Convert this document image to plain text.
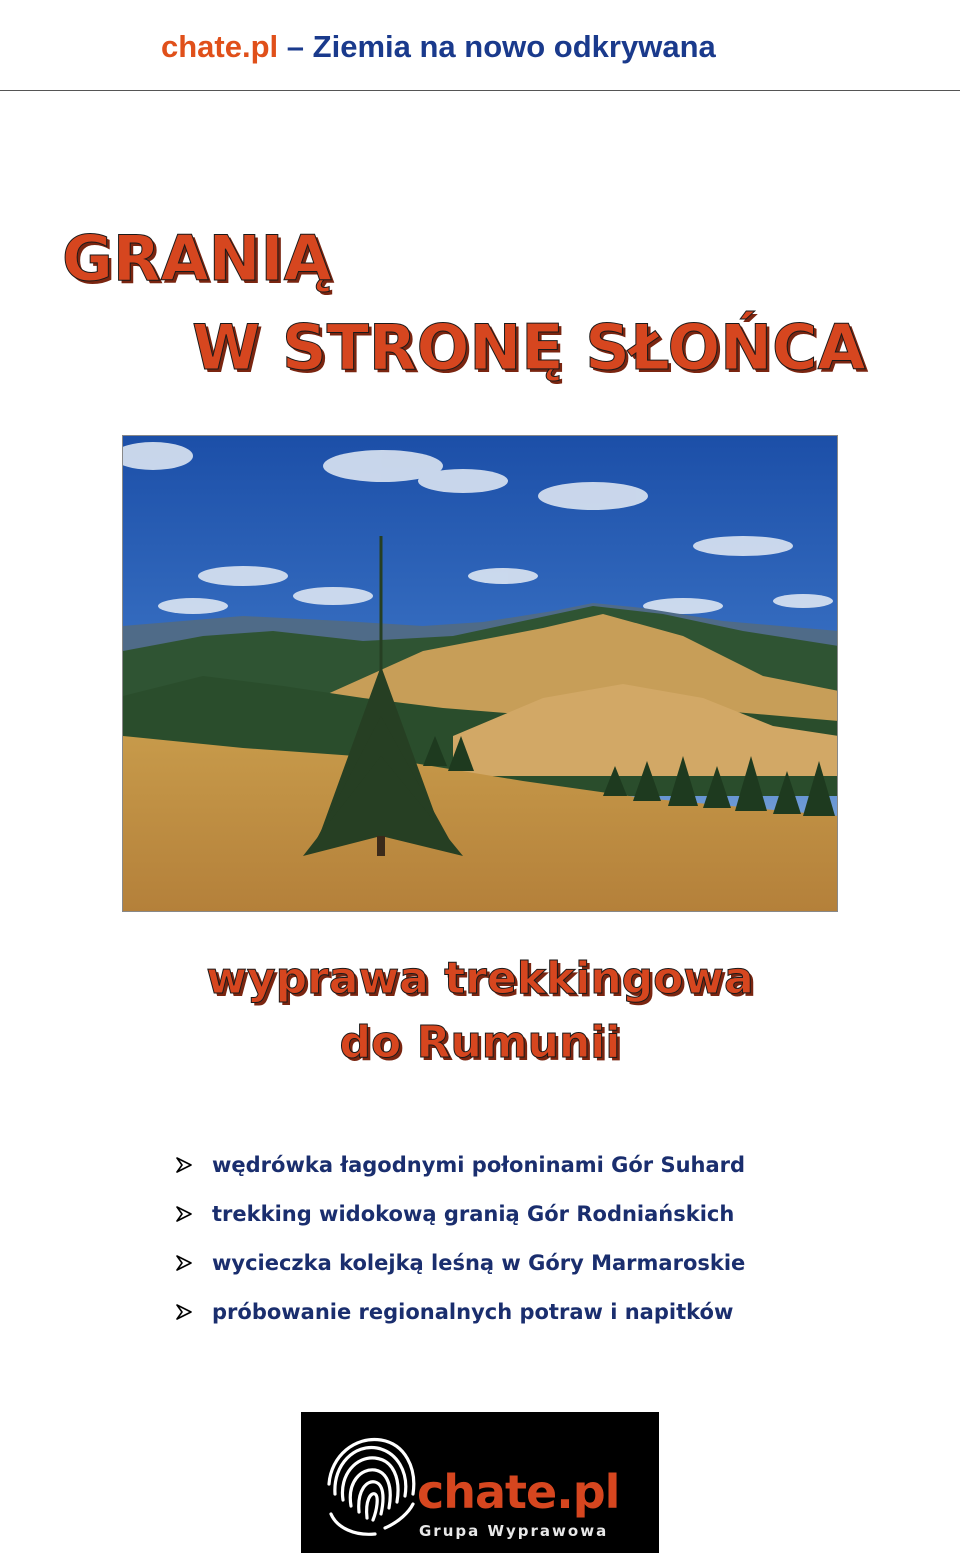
chate.pl – Ziemia na nowo odkrywana
GRANIĄ
W STRONĘ SŁOŃCA
wyprawa trekkingowa
do Rumunii
wędrówka łagodnymi połoninami Gór Suhard
trekking widokową granią Gór Rodniańskich
wycieczka kolejką leśną w Góry Marmaroskie
próbowanie regionalnych potraw i napitków
chate.pl
Grupa Wyprawowa
